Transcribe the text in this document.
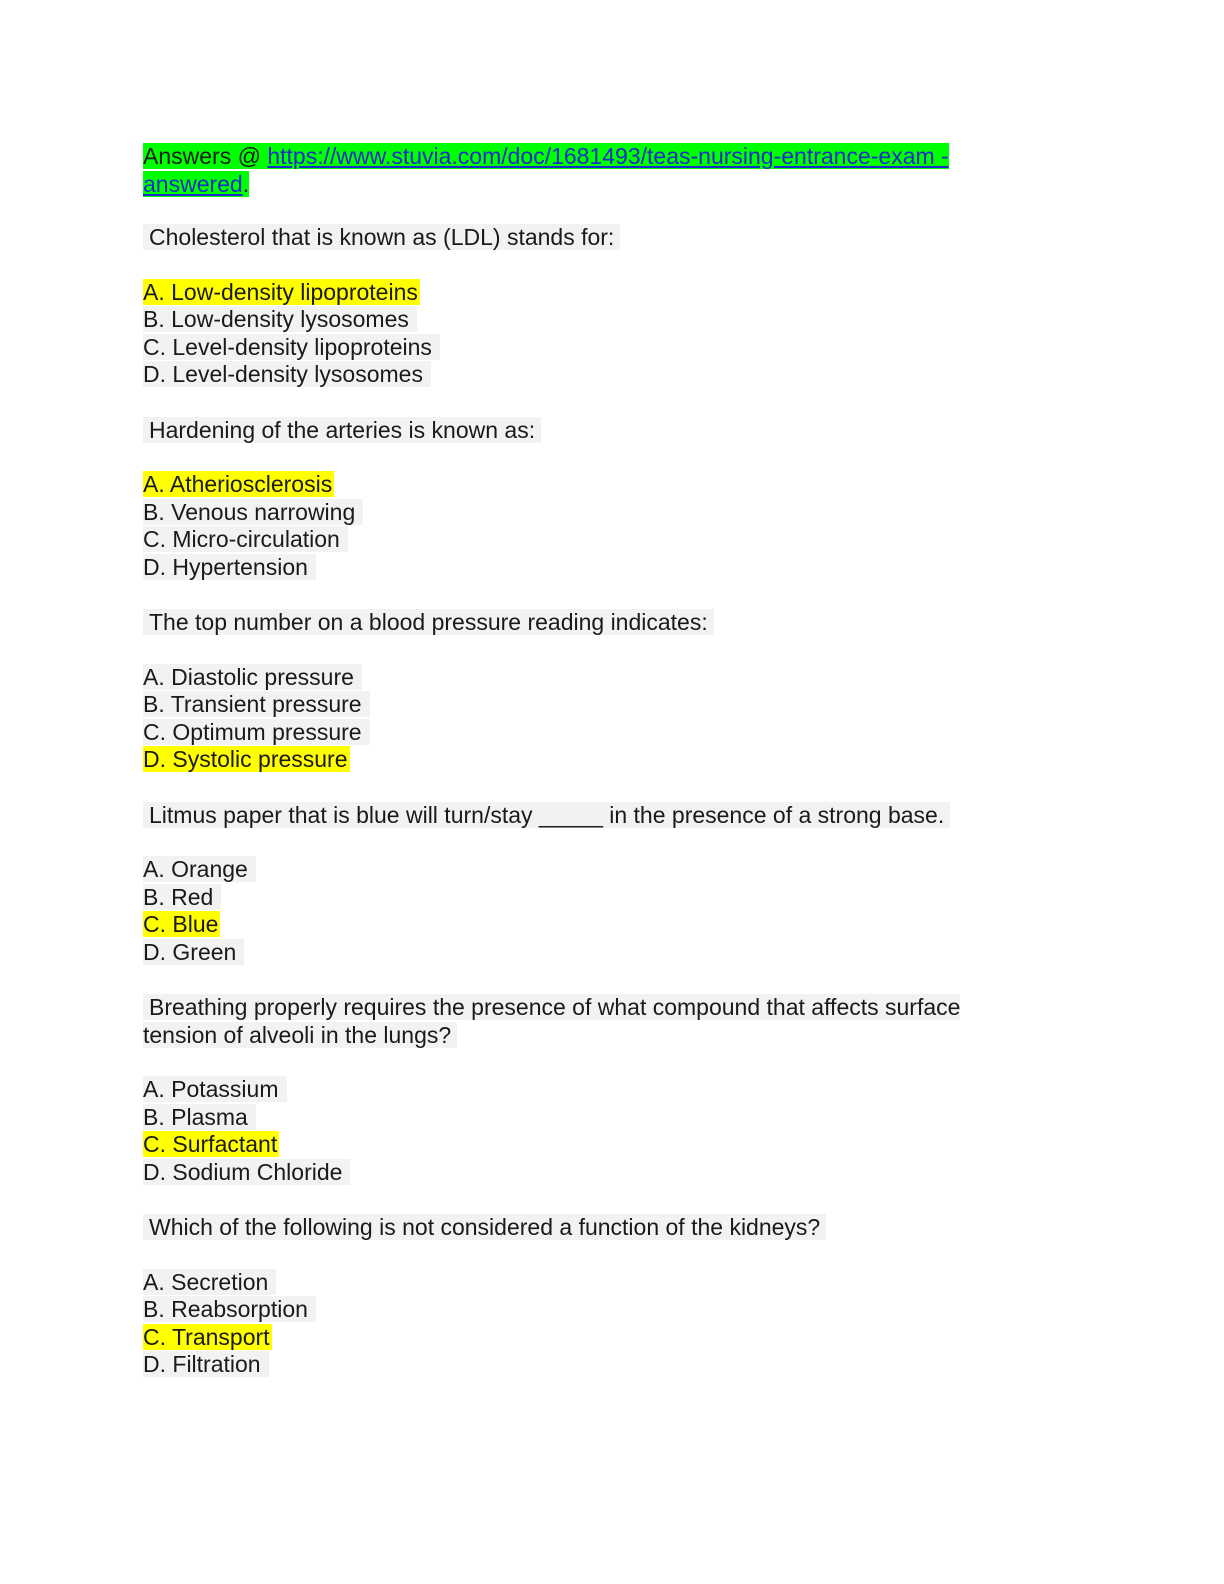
Answers @ https://www.stuvia.com/doc/1681493/teas-nursing-entrance-exam -
answered.
Cholesterol that is known as (LDL) stands for:
A. Low-density lipoproteins
B. Low-density lysosomes
C. Level-density lipoproteins
D. Level-density lysosomes
Hardening of the arteries is known as:
A. Atheriosclerosis
B. Venous narrowing
C. Micro-circulation
D. Hypertension
The top number on a blood pressure reading indicates:
A. Diastolic pressure
B. Transient pressure
C. Optimum pressure
D. Systolic pressure
Litmus paper that is blue will turn/stay _____ in the presence of a strong base.
A. Orange
B. Red
C. Blue
D. Green
Breathing properly requires the presence of what compound that affects surface tension of alveoli in the lungs?
A. Potassium
B. Plasma
C. Surfactant
D. Sodium Chloride
Which of the following is not considered a function of the kidneys?
A. Secretion
B. Reabsorption
C. Transport
D. Filtration
